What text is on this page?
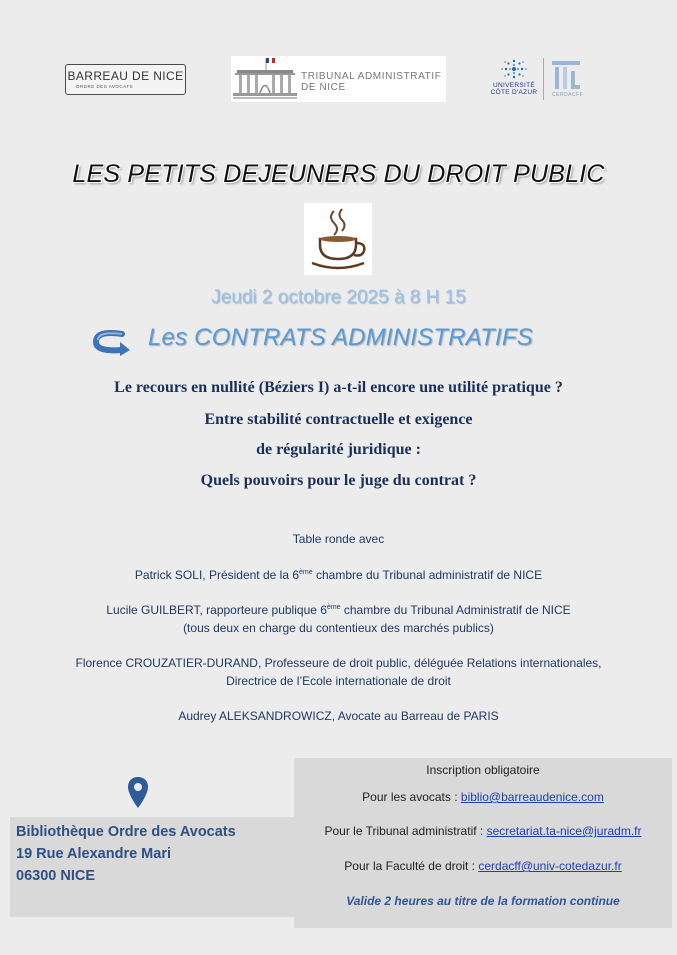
BARREAU DE NICE
ORDRE DES AVOCATS
TRIBUNAL ADMINISTRATIF
DE NICE	UNIVERSITÉ
CÔTE D'AZUR	CERDACFF
LES PETITS DEJEUNERS DU DROIT PUBLIC
Jeudi 2 octobre 2025 à 8 H 15
Les CONTRATS ADMINISTRATIFS
Le recours en nullité (Béziers I) a-t-il encore une utilité pratique ?
Entre stabilité contractuelle et exigence
de régularité juridique :
Quels pouvoirs pour le juge du contrat ?
Table ronde avec
Patrick SOLI, Président de la 6ème chambre du Tribunal administratif de NICE
Lucile GUILBERT, rapporteure publique 6ème chambre du Tribunal Administratif de NICE
(tous deux en charge du contentieux des marchés publics)
Florence CROUZATIER-DURAND, Professeure de droit public, déléguée Relations internationales,
Directrice de l’Ecole internationale de droit
Audrey ALEKSANDROWICZ, Avocate au Barreau de PARIS
Bibliothèque Ordre des Avocats
19 Rue Alexandre Mari
06300 NICE
Inscription obligatoire
Pour les avocats : biblio@barreaudenice.com
Pour le Tribunal administratif : secretariat.ta-nice@juradm.fr
Pour la Faculté de droit : cerdacff@univ-cotedazur.fr
Valide 2 heures au titre de la formation continue
